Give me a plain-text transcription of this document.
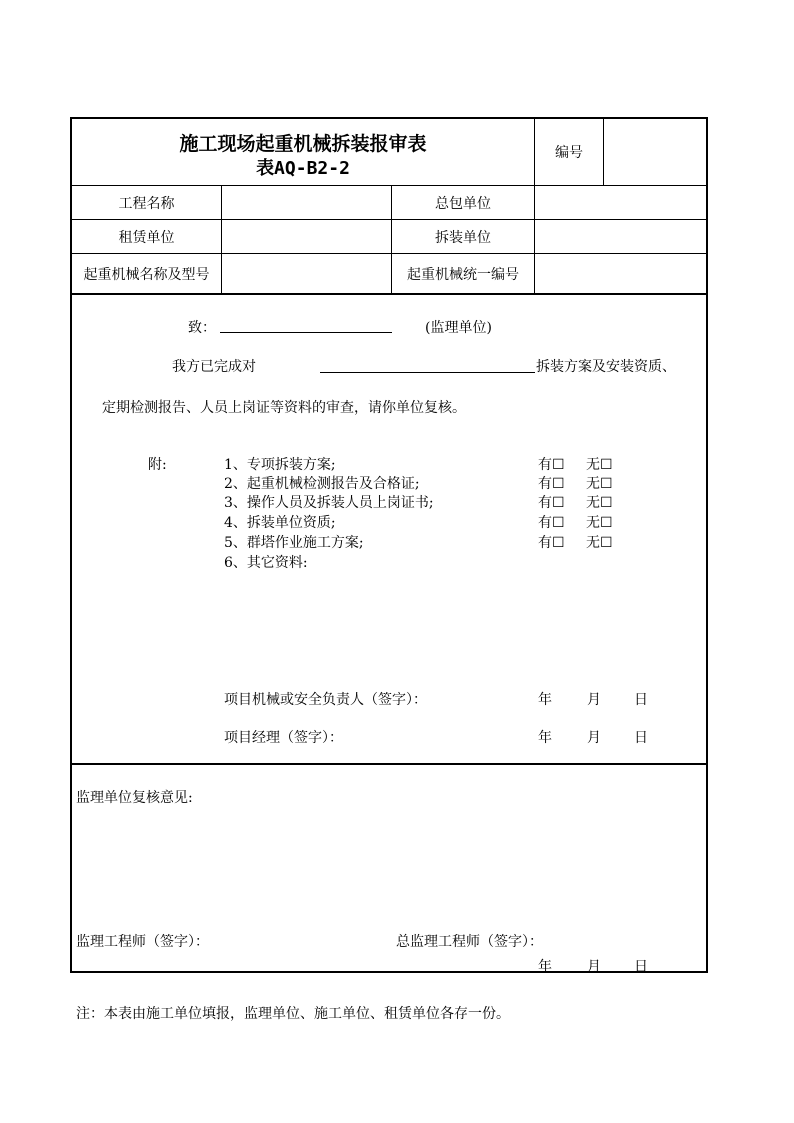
施工现场起重机械拆装报审表
表AQ-B2-2
编号
工程名称	总包单位
租赁单位	拆装单位
起重机械名称及型号	起重机械统一编号
致：	(监理单位)
我方已完成对	拆装方案及安装资质、
定期检测报告、人员上岗证等资料的审查，请你单位复核。
附:	1、专项拆装方案;	有☐ 无☐
2、起重机械检测报告及合格证;	有☐ 无☐
3、操作人员及拆装人员上岗证书;	有☐ 无☐
4、拆装单位资质;	有☐ 无☐
5、群塔作业施工方案;	有☐ 无☐
6、其它资料:
项目机械或安全负责人（签字）：	年	月 日
项目经理（签字）：	年	月 日
监理单位复核意见:
监理工程师（签字）：	总监理工程师（签字）：
年	月 日
注：本表由施工单位填报，监理单位、施工单位、租赁单位各存一份。
